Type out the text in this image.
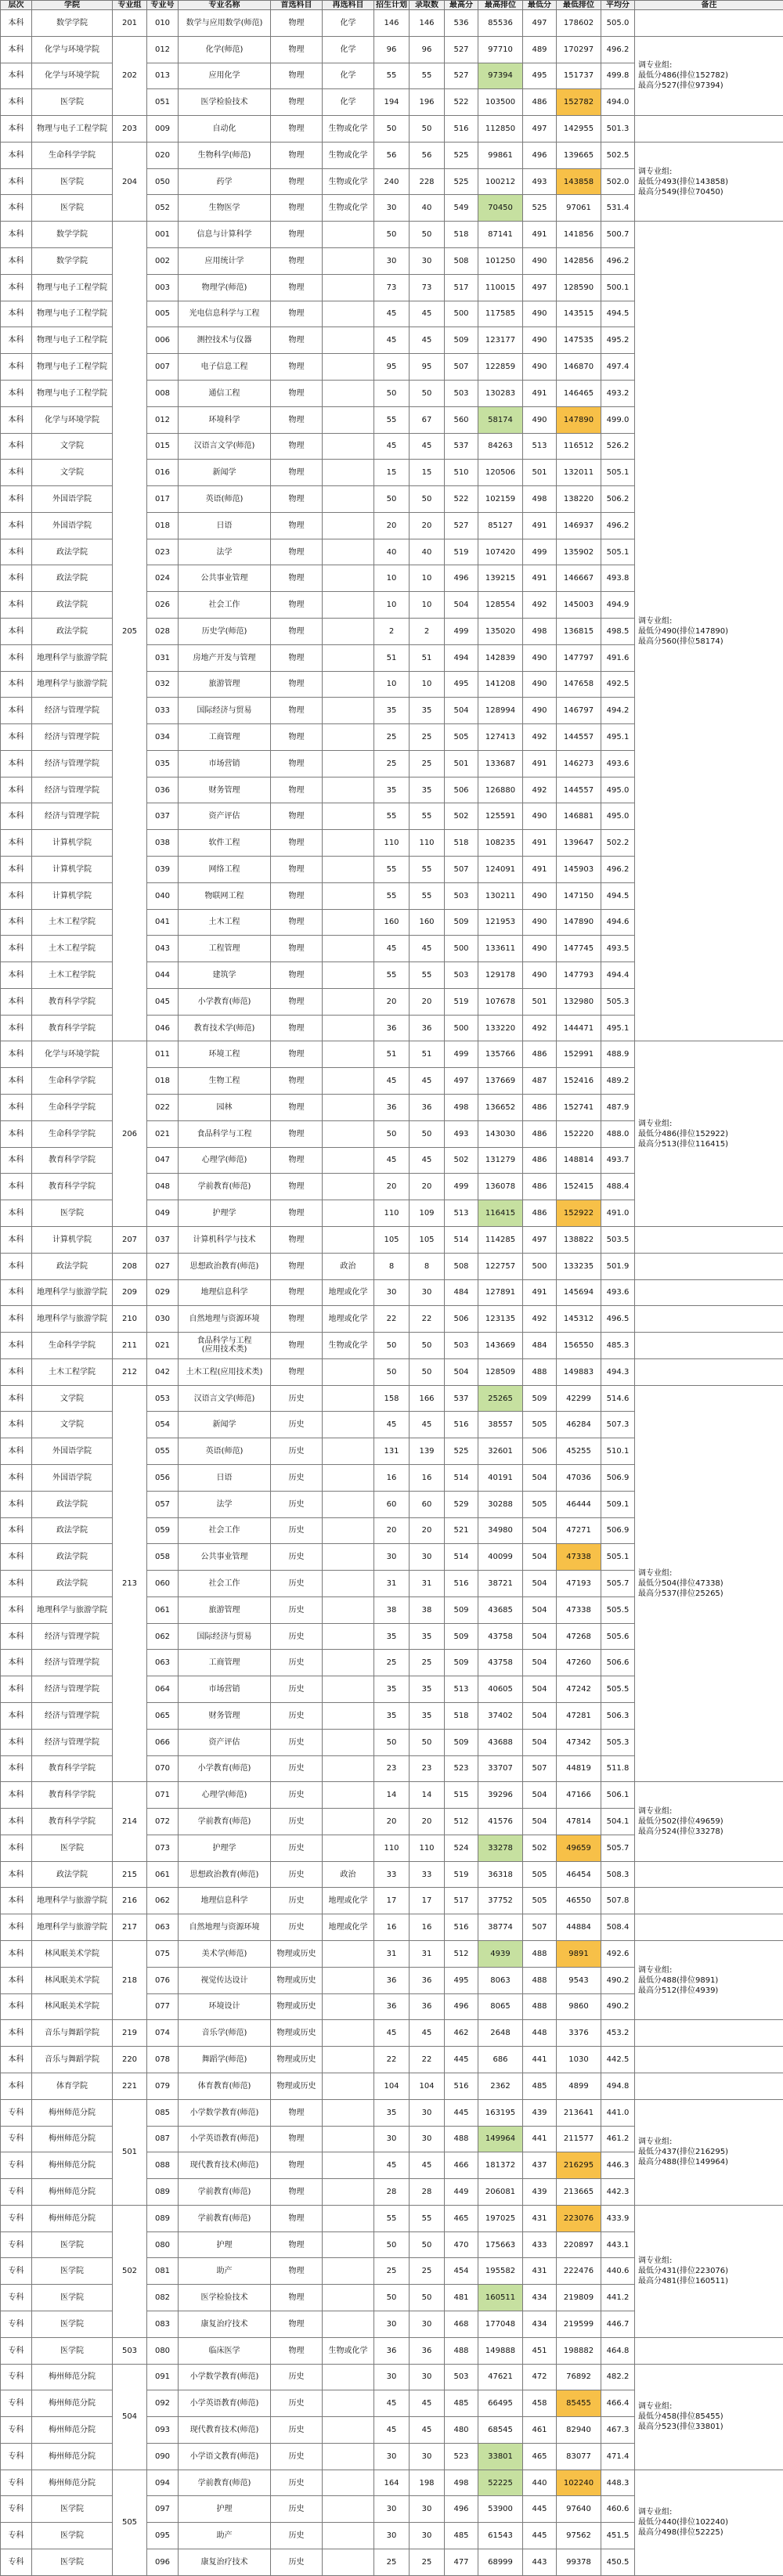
层次	学院	专业组	专业号	专业名称	首选科目	再选科目	招生计划	录取数	最高分	最高排位	最低分	最低排位	平均分	备注
本科	数学学院	201	010	数学与应用数学(师范)	物理	化学	146	146	536	85536	497	178602	505.0	
本科	化学与环境学院	202	012	化学(师范)	物理	化学	96	96	527	97710	489	170297	496.2	调专业组:
最低分486(排位152782)
最高分527(排位97394)
本科	化学与环境学院		013	应用化学	物理	化学	55	55	527	97394	495	151737	499.8	
本科	医学院		051	医学检验技术	物理	化学	194	196	522	103500	486	152782	494.0	
本科	物理与电子工程学院	203	009	自动化	物理	生物或化学	50	50	516	112850	497	142955	501.3	
本科	生命科学学院	204	020	生物科学(师范)	物理	生物或化学	56	56	525	99861	496	139665	502.5	调专业组:
最低分493(排位143858)
最高分549(排位70450)
本科	医学院		050	药学	物理	生物或化学	240	228	525	100212	493	143858	502.0	
本科	医学院		052	生物医学	物理	生物或化学	30	40	549	70450	525	97061	531.4	
本科	数学学院	205	001	信息与计算科学	物理		50	50	518	87141	491	141856	500.7	调专业组:
最低分490(排位147890)
最高分560(排位58174)
本科	数学学院		002	应用统计学	物理		30	30	508	101250	490	142856	496.2	
本科	物理与电子工程学院		003	物理学(师范)	物理		73	73	517	110015	497	128590	500.1	
本科	物理与电子工程学院		005	光电信息科学与工程	物理		45	45	500	117585	490	143515	494.5	
本科	物理与电子工程学院		006	测控技术与仪器	物理		45	45	509	123177	490	147535	495.2	
本科	物理与电子工程学院		007	电子信息工程	物理		95	95	507	122859	490	146870	497.4	
本科	物理与电子工程学院		008	通信工程	物理		50	50	503	130283	491	146465	493.2	
本科	化学与环境学院		012	环境科学	物理		55	67	560	58174	490	147890	499.0	
本科	文学院		015	汉语言文学(师范)	物理		45	45	537	84263	513	116512	526.2	
本科	文学院		016	新闻学	物理		15	15	510	120506	501	132011	505.1	
本科	外国语学院		017	英语(师范)	物理		50	50	522	102159	498	138220	506.2	
本科	外国语学院		018	日语	物理		20	20	527	85127	491	146937	496.2	
本科	政法学院		023	法学	物理		40	40	519	107420	499	135902	505.1	
本科	政法学院		024	公共事业管理	物理		10	10	496	139215	491	146667	493.8	
本科	政法学院		026	社会工作	物理		10	10	504	128554	492	145003	494.9	
本科	政法学院		028	历史学(师范)	物理		2	2	499	135020	498	136815	498.5	
本科	地理科学与旅游学院		031	房地产开发与管理	物理		51	51	494	142839	490	147797	491.6	
本科	地理科学与旅游学院		032	旅游管理	物理		10	10	495	141208	490	147658	492.5	
本科	经济与管理学院		033	国际经济与贸易	物理		35	35	504	128994	490	146797	494.2	
本科	经济与管理学院		034	工商管理	物理		25	25	505	127413	492	144557	495.1	
本科	经济与管理学院		035	市场营销	物理		25	25	501	133687	491	146273	493.6	
本科	经济与管理学院		036	财务管理	物理		35	35	506	126880	492	144557	495.0	
本科	经济与管理学院		037	资产评估	物理		55	55	502	125591	490	146881	495.0	
本科	计算机学院		038	软件工程	物理		110	110	518	108235	491	139647	502.2	
本科	计算机学院		039	网络工程	物理		55	55	507	124091	491	145903	496.2	
本科	计算机学院		040	物联网工程	物理		55	55	503	130211	490	147150	494.5	
本科	土木工程学院		041	土木工程	物理		160	160	509	121953	490	147890	494.6	
本科	土木工程学院		043	工程管理	物理		45	45	500	133611	490	147745	493.5	
本科	土木工程学院		044	建筑学	物理		55	55	503	129178	490	147793	494.4	
本科	教育科学学院		045	小学教育(师范)	物理		20	20	519	107678	501	132980	505.3	
本科	教育科学学院		046	教育技术学(师范)	物理		36	36	500	133220	492	144471	495.1	
本科	化学与环境学院	206	011	环境工程	物理		51	51	499	135766	486	152991	488.9	调专业组:
最低分486(排位152922)
最高分513(排位116415)
本科	生命科学学院		018	生物工程	物理		45	45	497	137669	487	152416	489.2	
本科	生命科学学院		022	园林	物理		36	36	498	136652	486	152741	487.9	
本科	生命科学学院		021	食品科学与工程	物理		50	50	493	143030	486	152220	488.0	
本科	教育科学学院		047	心理学(师范)	物理		45	45	502	131279	486	148814	493.7	
本科	教育科学学院		048	学前教育(师范)	物理		20	20	499	136078	486	152415	488.4	
本科	医学院		049	护理学	物理		110	109	513	116415	486	152922	491.0	
本科	计算机学院	207	037	计算机科学与技术	物理		105	105	514	114285	497	138822	503.5	
本科	政法学院	208	027	思想政治教育(师范)	物理	政治	8	8	508	122757	500	133235	501.9	
本科	地理科学与旅游学院	209	029	地理信息科学	物理	地理或化学	30	30	484	127891	491	145694	493.6	
本科	地理科学与旅游学院	210	030	自然地理与资源环境	物理	地理或化学	22	22	506	123135	492	145312	496.5	
本科	生命科学学院	211	021	食品科学与工程
(应用技术类)	物理	生物或化学	50	50	503	143669	484	156550	485.3	
本科	土木工程学院	212	042	土木工程(应用技术类)	物理		50	50	504	128509	488	149883	494.3	
本科	文学院	213	053	汉语言文学(师范)	历史		158	166	537	25265	509	42299	514.6	调专业组:
最低分504(排位47338)
最高分537(排位25265)
本科	文学院		054	新闻学	历史		45	45	516	38557	505	46284	507.3	
本科	外国语学院		055	英语(师范)	历史		131	139	525	32601	506	45255	510.1	
本科	外国语学院		056	日语	历史		16	16	514	40191	504	47036	506.9	
本科	政法学院		057	法学	历史		60	60	529	30288	505	46444	509.1	
本科	政法学院		059	社会工作	历史		20	20	521	34980	504	47271	506.9	
本科	政法学院		058	公共事业管理	历史		30	30	514	40099	504	47338	505.1	
本科	政法学院		060	社会工作	历史		31	31	516	38721	504	47193	505.7	
本科	地理科学与旅游学院		061	旅游管理	历史		38	38	509	43685	504	47338	505.5	
本科	经济与管理学院		062	国际经济与贸易	历史		35	35	509	43758	504	47268	505.6	
本科	经济与管理学院		063	工商管理	历史		25	25	509	43758	504	47260	506.6	
本科	经济与管理学院		064	市场营销	历史		35	35	513	40605	504	47242	505.5	
本科	经济与管理学院		065	财务管理	历史		35	35	518	37402	504	47281	506.3	
本科	经济与管理学院		066	资产评估	历史		50	50	509	43688	504	47342	505.3	
本科	教育科学学院		070	小学教育(师范)	历史		23	23	523	33707	507	44819	511.8	
本科	教育科学学院	214	071	心理学(师范)	历史		14	14	515	39296	504	47166	506.1	调专业组:
最低分502(排位49659)
最高分524(排位33278)
本科	教育科学学院		072	学前教育(师范)	历史		20	20	512	41576	504	47814	504.1	
本科	医学院		073	护理学	历史		110	110	524	33278	502	49659	505.7	
本科	政法学院	215	061	思想政治教育(师范)	历史	政治	33	33	519	36318	505	46454	508.3	
本科	地理科学与旅游学院	216	062	地理信息科学	历史	地理或化学	17	17	517	37752	505	46550	507.8	
本科	地理科学与旅游学院	217	063	自然地理与资源环境	历史	地理或化学	16	16	516	38774	507	44884	508.4	
本科	林风眠美术学院	218	075	美术学(师范)	物理或历史		31	31	512	4939	488	9891	492.6	调专业组:
最低分488(排位9891)
最高分512(排位4939)
本科	林风眠美术学院		076	视觉传达设计	物理或历史		36	36	495	8063	488	9543	490.2	
本科	林风眠美术学院		077	环境设计	物理或历史		36	36	496	8065	488	9860	490.2	
本科	音乐与舞蹈学院	219	074	音乐学(师范)	物理或历史		45	45	462	2648	448	3376	453.2	
本科	音乐与舞蹈学院	220	078	舞蹈学(师范)	物理或历史		22	22	445	686	441	1030	442.5	
本科	体育学院	221	079	体育教育(师范)	物理或历史		104	104	516	2362	485	4899	494.8	
专科	梅州师范分院	501	085	小学数学教育(师范)	物理		35	30	445	163195	439	213641	441.0	调专业组:
最低分437(排位216295)
最高分488(排位149964)
专科	梅州师范分院		087	小学英语教育(师范)	物理		30	30	488	149964	441	211577	461.2	
专科	梅州师范分院		088	现代教育技术(师范)	物理		45	45	466	181372	437	216295	446.3	
专科	梅州师范分院		089	学前教育(师范)	物理		28	28	449	206081	439	213665	442.3	
专科	梅州师范分院	502	089	学前教育(师范)	物理		55	55	465	197025	431	223076	433.9	调专业组:
最低分431(排位223076)
最高分481(排位160511)
专科	医学院		080	护理	物理		50	50	470	175663	433	220897	443.1	
专科	医学院		081	助产	物理		25	25	454	195582	431	222476	440.6	
专科	医学院		082	医学检验技术	物理		50	50	481	160511	434	219809	441.2	
专科	医学院		083	康复治疗技术	物理		30	30	468	177048	434	219599	446.7	
专科	医学院	503	080	临床医学	物理	生物或化学	36	36	488	149888	451	198882	464.8	
专科	梅州师范分院	504	091	小学数学教育(师范)	历史		30	30	503	47621	472	76892	482.2	调专业组:
最低分458(排位85455)
最高分523(排位33801)
专科	梅州师范分院		092	小学英语教育(师范)	历史		45	45	485	66495	458	85455	466.4	
专科	梅州师范分院		093	现代教育技术(师范)	历史		45	45	480	68545	461	82940	467.3	
专科	梅州师范分院		090	小学语文教育(师范)	历史		30	30	523	33801	465	83077	471.4	
专科	梅州师范分院	505	094	学前教育(师范)	历史		164	198	498	52225	440	102240	448.3	调专业组:
最低分440(排位102240)
最高分498(排位52225)
专科	医学院		097	护理	历史		30	30	496	53900	445	97640	460.6	
专科	医学院		095	助产	历史		30	30	485	61543	445	97562	451.5	
专科	医学院		096	康复治疗技术	历史		25	25	477	68999	443	99378	450.5	
